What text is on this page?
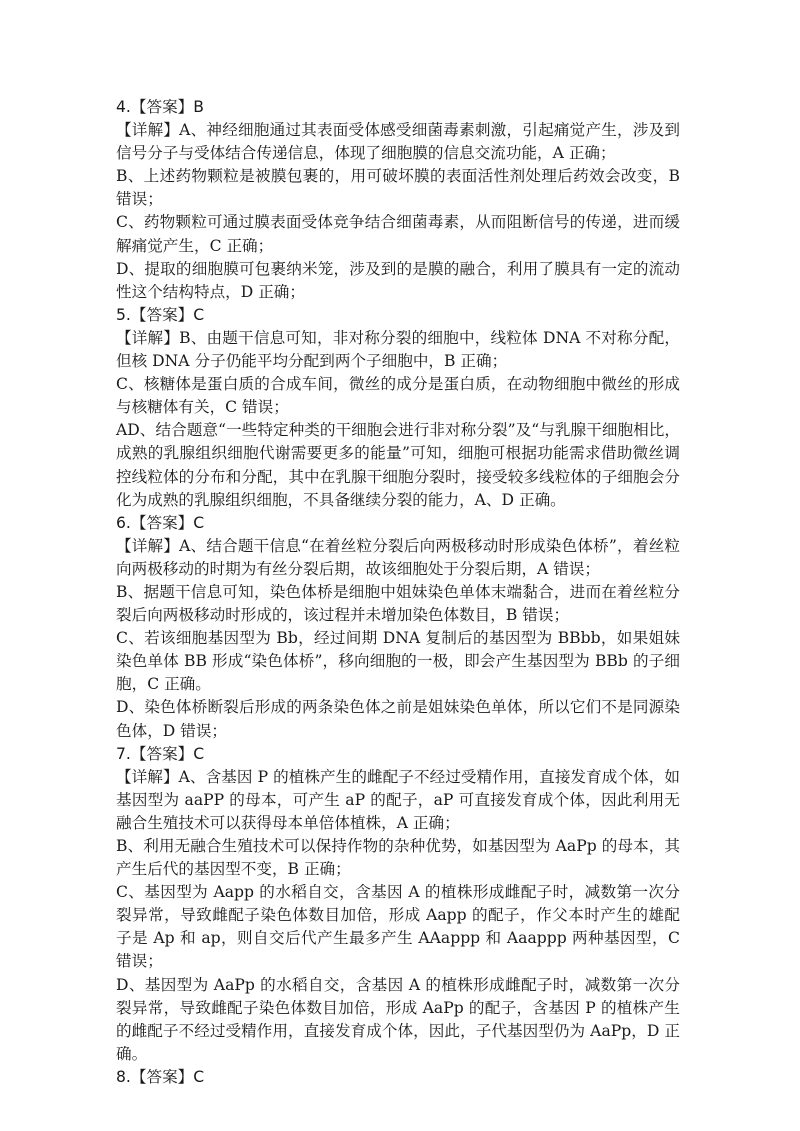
4.【答案】B

【详解】A、神经细胞通过其表面受体感受细菌毒素刺激，引起痛觉产生，涉及到信号分子与受体结合传递信息，体现了细胞膜的信息交流功能，A 正确；

B、上述药物颗粒是被膜包裹的，用可破坏膜的表面活性剂处理后药效会改变，B 错误；

C、药物颗粒可通过膜表面受体竞争结合细菌毒素，从而阻断信号的传递，进而缓解痛觉产生，C 正确；

D、提取的细胞膜可包裹纳米笼，涉及到的是膜的融合，利用了膜具有一定的流动性这个结构特点，D 正确；

5.【答案】C

【详解】B、由题干信息可知，非对称分裂的细胞中，线粒体 DNA 不对称分配，但核 DNA 分子仍能平均分配到两个子细胞中，B 正确；

C、核糖体是蛋白质的合成车间，微丝的成分是蛋白质，在动物细胞中微丝的形成与核糖体有关，C 错误；

AD、结合题意“一些特定种类的干细胞会进行非对称分裂”及“与乳腺干细胞相比，成熟的乳腺组织细胞代谢需要更多的能量”可知，细胞可根据功能需求借助微丝调控线粒体的分布和分配，其中在乳腺干细胞分裂时，接受较多线粒体的子细胞会分化为成熟的乳腺组织细胞，不具备继续分裂的能力，A、D 正确。

6.【答案】C

【详解】A、结合题干信息“在着丝粒分裂后向两极移动时形成染色体桥”，着丝粒向两极移动的时期为有丝分裂后期，故该细胞处于分裂后期，A 错误；

B、据题干信息可知，染色体桥是细胞中姐妹染色单体末端黏合，进而在着丝粒分裂后向两极移动时形成的，该过程并未增加染色体数目，B 错误；

C、若该细胞基因型为 Bb，经过间期 DNA 复制后的基因型为 BBbb，如果姐妹染色单体 BB 形成“染色体桥”，移向细胞的一极，即会产生基因型为 BBb 的子细胞，C 正确。

D、染色体桥断裂后形成的两条染色体之前是姐妹染色单体，所以它们不是同源染色体，D 错误；

7.【答案】C

【详解】A、含基因 P 的植株产生的雌配子不经过受精作用，直接发育成个体，如基因型为 aaPP 的母本，可产生 aP 的配子，aP 可直接发育成个体，因此利用无融合生殖技术可以获得母本单倍体植株，A 正确；

B、利用无融合生殖技术可以保持作物的杂种优势，如基因型为 AaPp 的母本，其产生后代的基因型不变，B 正确；

C、基因型为 Aapp 的水稻自交，含基因 A 的植株形成雌配子时，减数第一次分裂异常，导致雌配子染色体数目加倍，形成 Aapp 的配子，作父本时产生的雄配子是 Ap 和 ap，则自交后代产生最多产生 AAappp 和 Aaappp 两种基因型，C 错误；

D、基因型为 AaPp 的水稻自交，含基因 A 的植株形成雌配子时，减数第一次分裂异常，导致雌配子染色体数目加倍，形成 AaPp 的配子，含基因 P 的植株产生的雌配子不经过受精作用，直接发育成个体，因此，子代基因型仍为 AaPp，D 正确。

8.【答案】C
